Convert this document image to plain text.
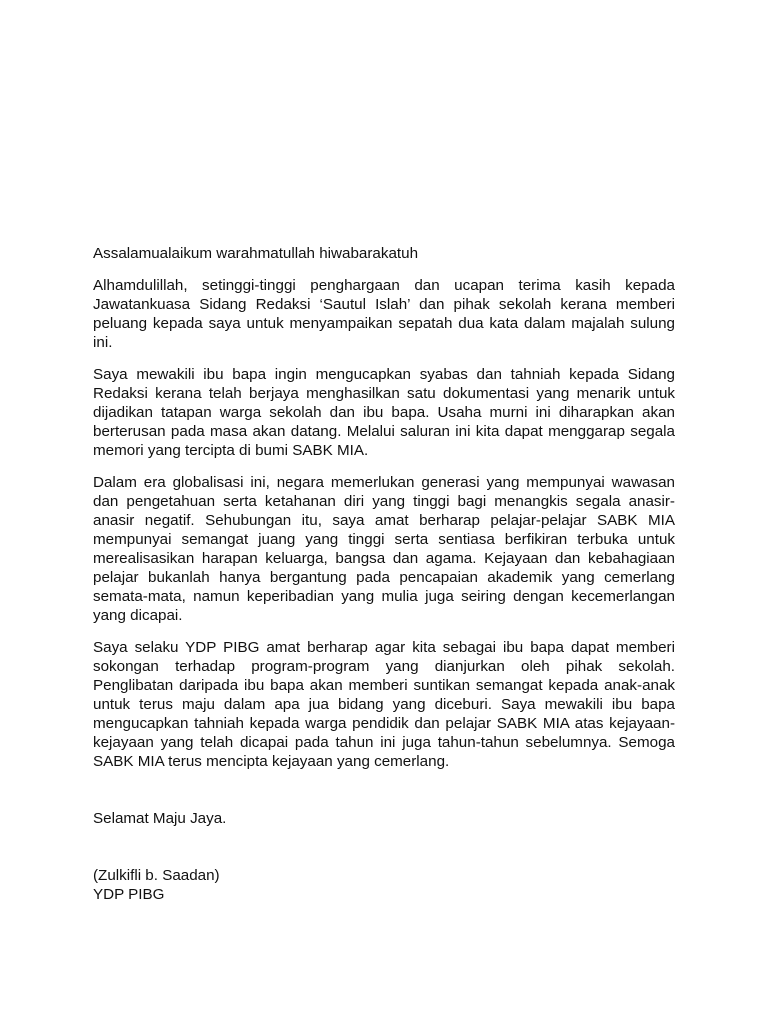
Assalamualaikum warahmatullah hiwabarakatuh

Alhamdulillah, setinggi-tinggi penghargaan dan ucapan terima kasih kepada Jawatankuasa Sidang Redaksi ‘Sautul Islah’ dan pihak sekolah kerana memberi peluang kepada saya untuk menyampaikan sepatah dua kata dalam majalah sulung ini.

Saya mewakili ibu bapa ingin mengucapkan syabas dan tahniah kepada Sidang Redaksi kerana telah berjaya menghasilkan satu dokumentasi yang menarik untuk dijadikan tatapan warga sekolah dan ibu bapa. Usaha murni ini diharapkan akan berterusan pada masa akan datang. Melalui saluran ini kita dapat menggarap segala memori yang tercipta di bumi SABK MIA.

Dalam era globalisasi ini, negara memerlukan generasi yang mempunyai wawasan dan pengetahuan serta ketahanan diri yang tinggi bagi menangkis segala anasir-anasir negatif. Sehubungan itu, saya amat berharap pelajar-pelajar SABK MIA mempunyai semangat juang yang tinggi serta sentiasa berfikiran terbuka untuk merealisasikan harapan keluarga, bangsa dan agama. Kejayaan dan kebahagiaan pelajar bukanlah hanya bergantung pada pencapaian akademik yang cemerlang semata-mata, namun keperibadian yang mulia juga seiring dengan kecemerlangan yang dicapai.

Saya selaku YDP PIBG amat berharap agar kita sebagai ibu bapa dapat memberi sokongan terhadap program-program yang dianjurkan oleh pihak sekolah. Penglibatan daripada ibu bapa akan memberi suntikan semangat kepada anak-anak untuk terus maju dalam apa jua bidang yang diceburi. Saya mewakili ibu bapa mengucapkan tahniah kepada warga pendidik dan pelajar SABK MIA atas kejayaan-kejayaan yang telah dicapai pada tahun ini juga tahun-tahun sebelumnya. Semoga SABK MIA terus mencipta kejayaan yang cemerlang.

Selamat Maju Jaya.

(Zulkifli b. Saadan)
YDP PIBG
